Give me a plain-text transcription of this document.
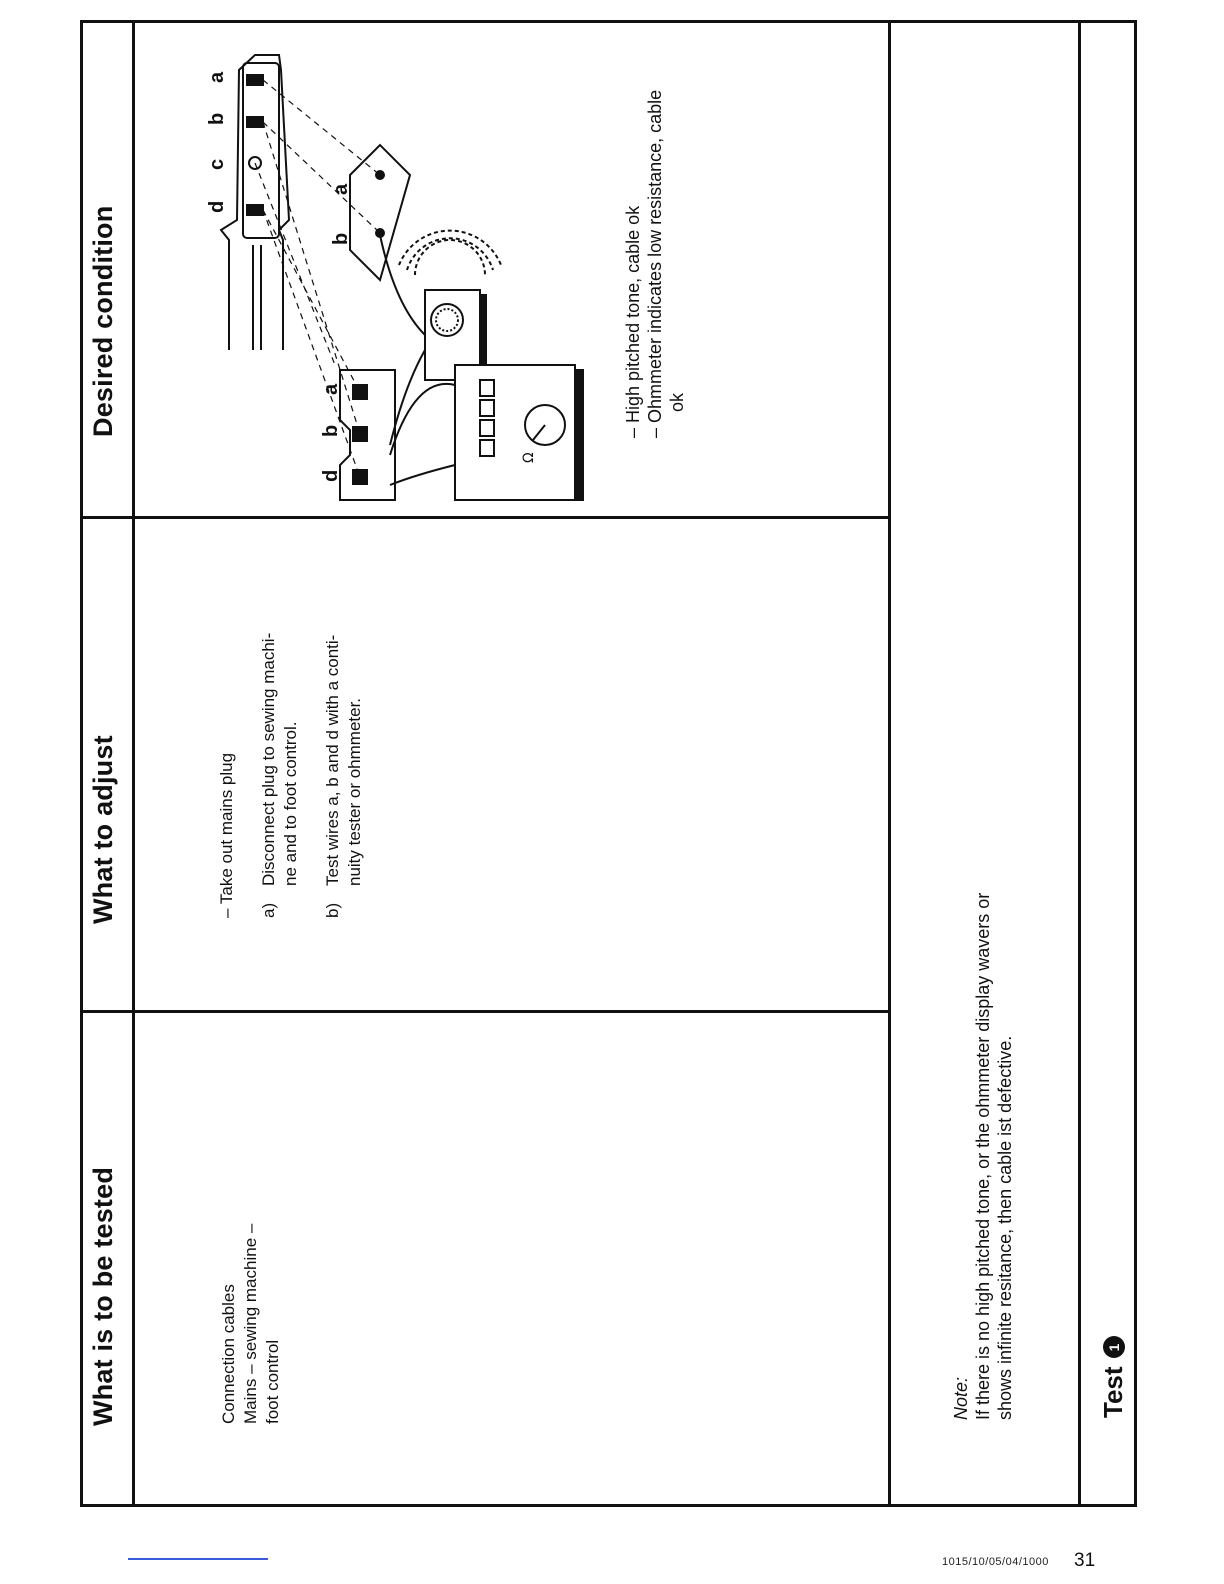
Desired condition
What to adjust
What is to be tested	Connection cables Mains – sewing machine – foot control

– Take out mains plug a)

Disconnect plug to sewing machi- ne and to foot control.

b)

Test wires a, b and d with a conti- nuity tester or ohmmeter.

– High pitched tone, cable ok – Ohmmeter indicates low resistance, cable ok

a
b
c
d
a
b
a
b
d
Ω

Note: If there is no high pitched tone, or the ohmmeter display wavers or shows infinite resitance, then cable ist defective.	Test
1
1015/10/05/04/1000 31
